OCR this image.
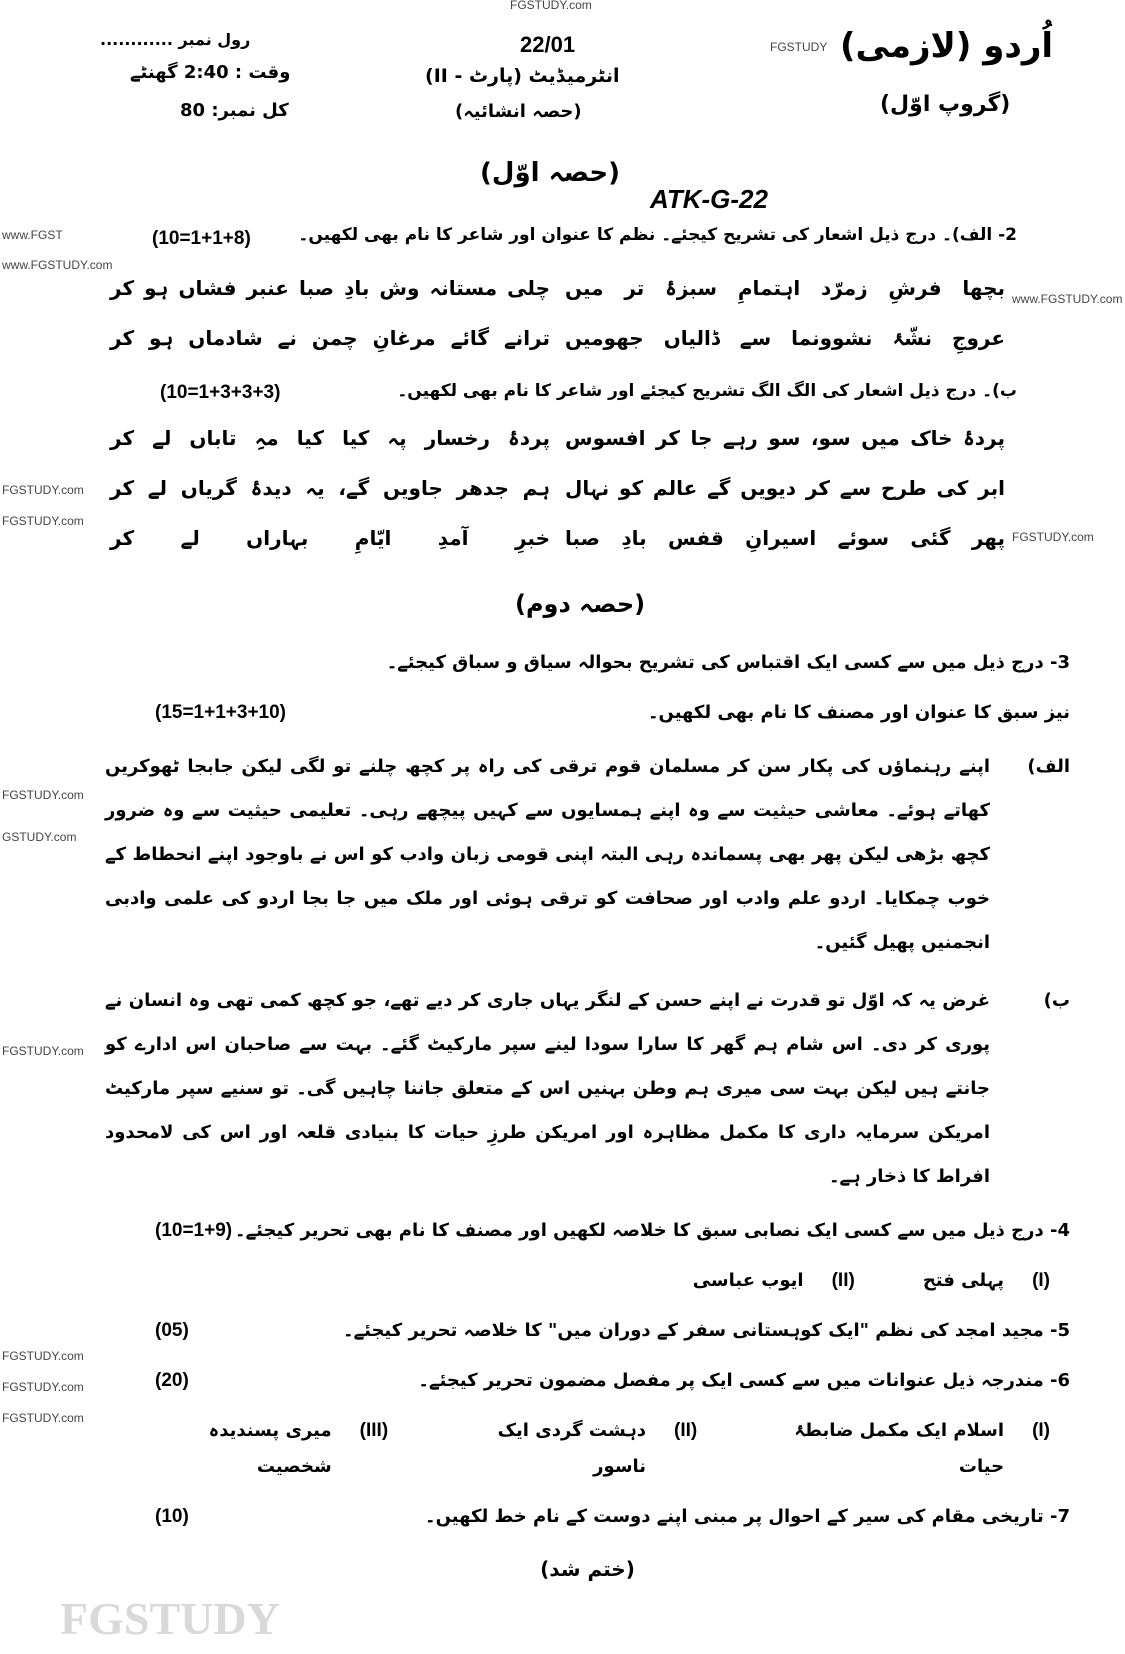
FGSTUDY
FGSTUDY.com
FGSTUDY
www.FGST
www.FGSTUDY.com
www.FGSTUDY.com
FGSTUDY.com
FGSTUDY.com
FGSTUDY.com
FGSTUDY.com
GSTUDY.com
FGSTUDY.com
FGSTUDY.com
FGSTUDY.com
FGSTUDY.com
رول نمبر ............
وقت : 2:40 گھنٹے
کل نمبر: 80
22/01
انٹرمیڈیٹ (پارٹ - II)
(حصہ انشائیہ)
اُردو (لازمی)
(گروپ اوّل)
(حصہ اوّل)
ATK-G-22
2- الف)۔ درج ذیل اشعار کی تشریح کیجئے۔ نظم کا عنوان اور شاعر کا نام بھی لکھیں۔
(10=1+1+8)
بچھا فرشِ زمرّد اہتمامِ سبزۂ تر میں
چلی مستانہ وش بادِ صبا عنبر فشاں ہو کر
عروجِ نشّۂ نشوونما سے ڈالیاں جھومیں
ترانے گائے مرغانِ چمن نے شادماں ہو کر
ب)۔ درج ذیل اشعار کی الگ الگ تشریح کیجئے اور شاعر کا نام بھی لکھیں۔
(10=1+3+3+3)
پردۂ خاک میں سو، سو رہے جا کر افسوس
پردۂ رخسار پہ کیا کیا مہِ تاباں لے کر
ابر کی طرح سے کر دیویں گے عالم کو نہال
ہم جدھر جاویں گے، یہ دیدۂ گریاں لے کر
پھر گئی سوئے اسیرانِ قفس بادِ صبا
خبرِ آمدِ ایّامِ بہاراں لے کر
(حصہ دوم)
3- درج ذیل میں سے کسی ایک اقتباس کی تشریح بحوالہ سیاق و سباق کیجئے۔
نیز سبق کا عنوان اور مصنف کا نام بھی لکھیں۔
(15=1+1+3+10)
الف)
اپنے رہنماؤں کی پکار سن کر مسلمان قوم ترقی کی راہ پر کچھ چلنے تو لگی لیکن جابجا ٹھوکریں کھاتے ہوئے۔ معاشی حیثیت سے وہ اپنے ہمسایوں سے کہیں پیچھے رہی۔ تعلیمی حیثیت سے وہ ضرور کچھ بڑھی لیکن پھر بھی پسماندہ رہی البتہ اپنی قومی زبان وادب کو اس نے باوجود اپنے انحطاط کے خوب چمکایا۔ اردو علم وادب اور صحافت کو ترقی ہوئی اور ملک میں جا بجا اردو کی علمی وادبی انجمنیں پھیل گئیں۔
ب)
غرض یہ کہ اوّل تو قدرت نے اپنے حسن کے لنگر یہاں جاری کر دیے تھے، جو کچھ کمی تھی وہ انسان نے پوری کر دی۔ اس شام ہم گھر کا سارا سودا لینے سپر مارکیٹ گئے۔ بہت سے صاحبان اس ادارے کو جانتے ہیں لیکن بہت سی میری ہم وطن بہنیں اس کے متعلق جاننا چاہیں گی۔ تو سنیے سپر مارکیٹ امریکن سرمایہ داری کا مکمل مظاہرہ اور امریکن طرزِ حیات کا بنیادی قلعہ اور اس کی لامحدود افراط کا ذخار ہے۔
4- درج ذیل میں سے کسی ایک نصابی سبق کا خلاصہ لکھیں اور مصنف کا نام بھی تحریر کیجئے۔
(10=1+9)
(I)
پہلی فتح
(II)
ایوب عباسی
5- مجید امجد کی نظم "ایک کوہستانی سفر کے دوران میں" کا خلاصہ تحریر کیجئے۔
(05)
6- مندرجہ ذیل عنوانات میں سے کسی ایک پر مفصل مضمون تحریر کیجئے۔
(20)
(I)
اسلام ایک مکمل ضابطۂ حیات
(II)
دہشت گردی ایک ناسور
(III)
میری پسندیدہ شخصیت
7- تاریخی مقام کی سیر کے احوال پر مبنی اپنے دوست کے نام خط لکھیں۔
(10)
(ختم شد)
